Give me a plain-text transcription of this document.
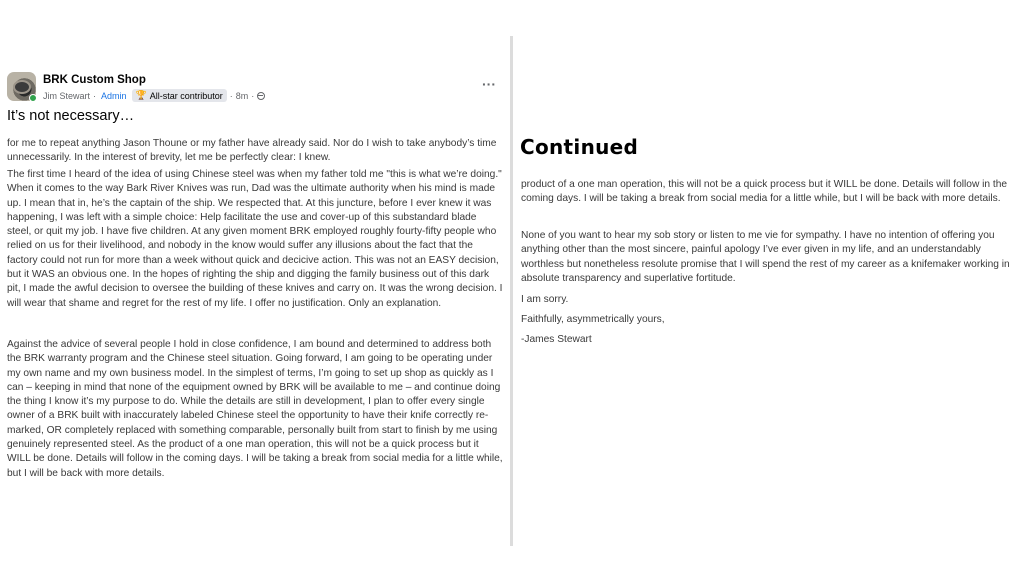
BRK Custom Shop
Jim Stewart · Admin 🏆 All-star contributor · 8m ·
···
It’s not necessary…

for me to repeat anything Jason Thoune or my father have already said. Nor do I wish to take anybody’s time unnecessarily. In the interest of brevity, let me be perfectly clear: I knew.

The first time I heard of the idea of using Chinese steel was when my father told me "this is what we’re doing." When it comes to the way Bark River Knives was run, Dad was the ultimate authority when his mind is made up. I mean that in, he’s the captain of the ship. We respected that. At this juncture, before I ever knew it was happening, I was left with a simple choice: Help facilitate the use and cover-up of this substandard blade steel, or quit my job. I have five children. At any given moment BRK employed roughly fourty-fifty people who relied on us for their livelihood, and nobody in the know would suffer any illusions about the fact that the factory could not run for more than a week without quick and decicive action. This was not an EASY decision, but it WAS an obvious one. In the hopes of righting the ship and digging the family business out of this dark pit, I made the awful decision to oversee the building of these knives and carry on. It was the wrong decision. I will wear that shame and regret for the rest of my life. I offer no justification. Only an explanation.

Against the advice of several people I hold in close confidence, I am bound and determined to address both the BRK warranty program and the Chinese steel situation. Going forward, I am going to be operating under my own name and my own business model. In the simplest of terms, I’m going to set up shop as quickly as I can – keeping in mind that none of the equipment owned by BRK will be available to me – and continue doing the thing I know it’s my purpose to do. While the details are still in development, I plan to offer every single owner of a BRK built with inaccurately labeled Chinese steel the opportunity to have their knife correctly re-marked, OR completely replaced with something comparable, personally built from start to finish by me using genuinely represented steel. As the product of a one man operation, this will not be a quick process but it WILL be done. Details will follow in the coming days. I will be taking a break from social media for a little while, but I will be back with more details.

Continued

product of a one man operation, this will not be a quick process but it WILL be done. Details will follow in the coming days. I will be taking a break from social media for a little while, but I will be back with more details.

None of you want to hear my sob story or listen to me vie for sympathy. I have no intention of offering you anything other than the most sincere, painful apology I’ve ever given in my life, and an understandably worthless but nonetheless resolute promise that I will spend the rest of my career as a knifemaker working in absolute transparency and superlative fortitude.

I am sorry.

Faithfully, asymmetrically yours,

-James Stewart
